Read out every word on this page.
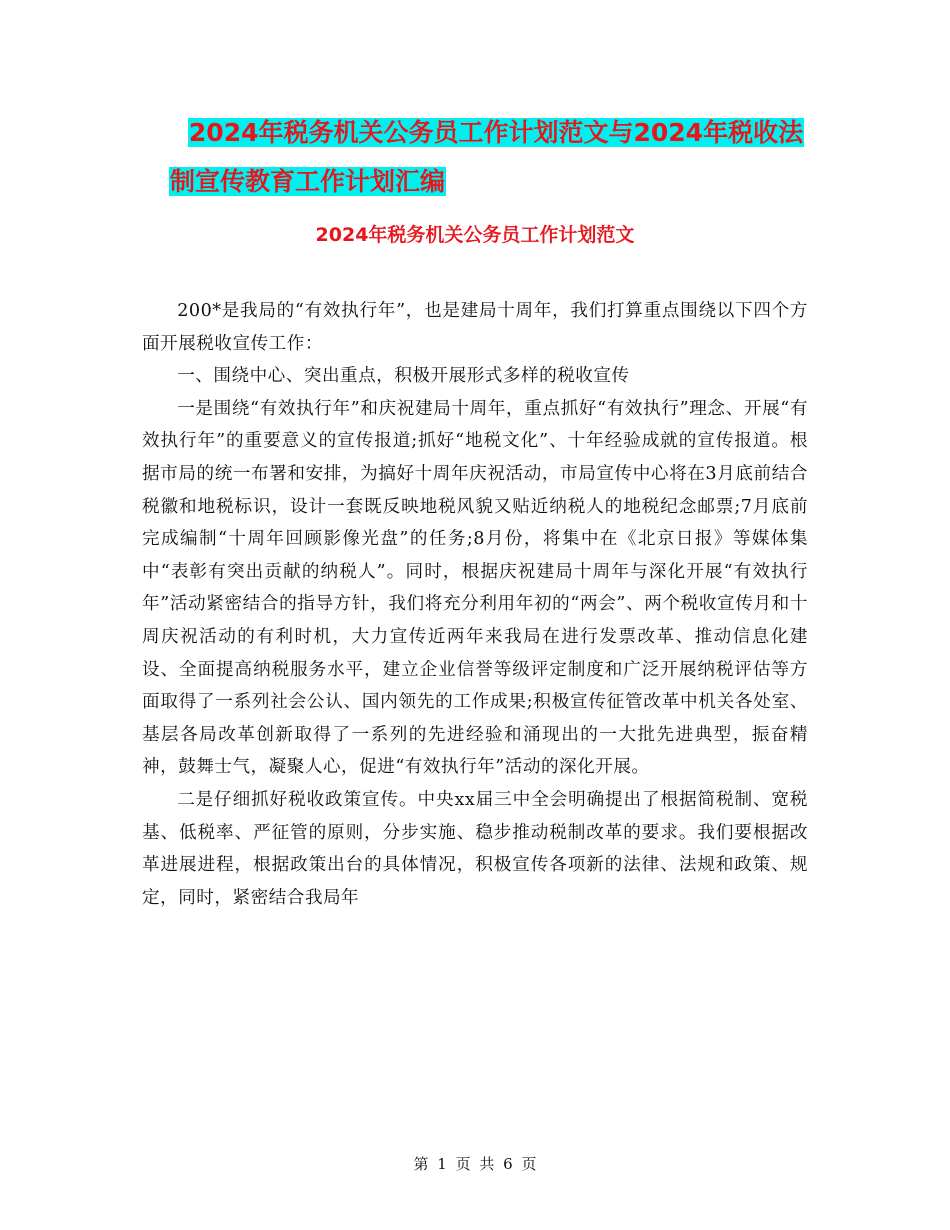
2024年税务机关公务员工作计划范文与2024年税收法
制宣传教育工作计划汇编
2024年税务机关公务员工作计划范文

200*是我局的“有效执行年”，也是建局十周年，我们打算重点围绕以下四个方面开展税收宣传工作：

一、围绕中心、突出重点，积极开展形式多样的税收宣传

一是围绕“有效执行年”和庆祝建局十周年，重点抓好“有效执行”理念、开展“有效执行年”的重要意义的宣传报道;抓好“地税文化”、十年经验成就的宣传报道。根据市局的统一布署和安排，为搞好十周年庆祝活动，市局宣传中心将在3月底前结合税徽和地税标识，设计一套既反映地税风貌又贴近纳税人的地税纪念邮票;7月底前完成编制“十周年回顾影像光盘”的任务;8月份，将集中在《北京日报》等媒体集中“表彰有突出贡献的纳税人”。同时，根据庆祝建局十周年与深化开展“有效执行年”活动紧密结合的指导方针，我们将充分利用年初的“两会”、两个税收宣传月和十周庆祝活动的有利时机，大力宣传近两年来我局在进行发票改革、推动信息化建设、全面提高纳税服务水平，建立企业信誉等级评定制度和广泛开展纳税评估等方面取得了一系列社会公认、国内领先的工作成果;积极宣传征管改革中机关各处室、基层各局改革创新取得了一系列的先进经验和涌现出的一大批先进典型，振奋精神，鼓舞士气，凝聚人心，促进“有效执行年”活动的深化开展。

二是仔细抓好税收政策宣传。中央xx届三中全会明确提出了根据简税制、宽税基、低税率、严征管的原则，分步实施、稳步推动税制改革的要求。我们要根据改革进展进程，根据政策出台的具体情况，积极宣传各项新的法律、法规和政策、规定，同时，紧密结合我局年

第 1 页 共 6 页
